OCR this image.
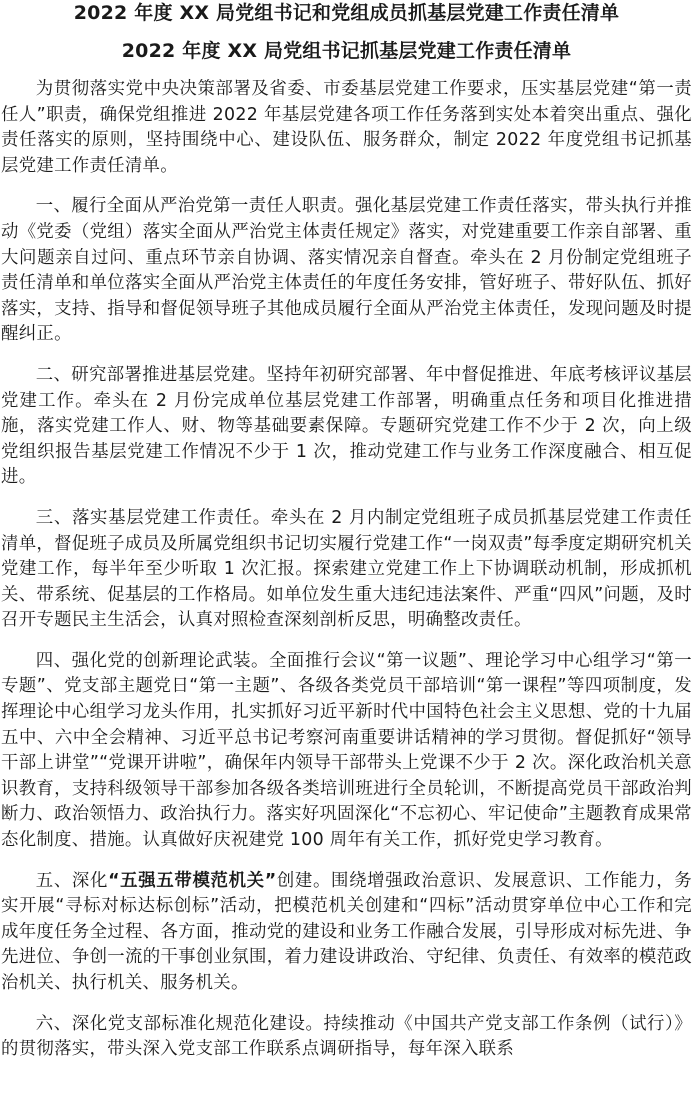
2022 年度 XX 局党组书记和党组成员抓基层党建工作责任清单
2022 年度 XX 局党组书记抓基层党建工作责任清单

为贯彻落实党中央决策部署及省委、市委基层党建工作要求，压实基层党建“第一责任人”职责，确保党组推进 2022 年基层党建各项工作任务落到实处本着突出重点、强化责任落实的原则，坚持围绕中心、建设队伍、服务群众，制定 2022 年度党组书记抓基层党建工作责任清单。

一、履行全面从严治党第一责任人职责。强化基层党建工作责任落实，带头执行并推动《党委（党组）落实全面从严治党主体责任规定》落实，对党建重要工作亲自部署、重大问题亲自过问、重点环节亲自协调、落实情况亲自督查。牵头在 2 月份制定党组班子责任清单和单位落实全面从严治党主体责任的年度任务安排，管好班子、带好队伍、抓好落实，支持、指导和督促领导班子其他成员履行全面从严治党主体责任，发现问题及时提醒纠正。

二、研究部署推进基层党建。坚持年初研究部署、年中督促推进、年底考核评议基层党建工作。牵头在 2 月份完成单位基层党建工作部署，明确重点任务和项目化推进措施，落实党建工作人、财、物等基础要素保障。专题研究党建工作不少于 2 次，向上级党组织报告基层党建工作情况不少于 1 次，推动党建工作与业务工作深度融合、相互促进。

三、落实基层党建工作责任。牵头在 2 月内制定党组班子成员抓基层党建工作责任清单，督促班子成员及所属党组织书记切实履行党建工作“一岗双责”每季度定期研究机关党建工作，每半年至少听取 1 次汇报。探索建立党建工作上下协调联动机制，形成抓机关、带系统、促基层的工作格局。如单位发生重大违纪违法案件、严重“四风”问题，及时召开专题民主生活会，认真对照检查深刻剖析反思，明确整改责任。

四、强化党的创新理论武装。全面推行会议“第一议题”、理论学习中心组学习“第一专题”、党支部主题党日“第一主题”、各级各类党员干部培训“第一课程”等四项制度，发挥理论中心组学习龙头作用，扎实抓好习近平新时代中国特色社会主义思想、党的十九届五中、六中全会精神、习近平总书记考察河南重要讲话精神的学习贯彻。督促抓好“领导干部上讲堂”“党课开讲啦”，确保年内领导干部带头上党课不少于 2 次。深化政治机关意识教育，支持科级领导干部参加各级各类培训班进行全员轮训，不断提高党员干部政治判断力、政治领悟力、政治执行力。落实好巩固深化“不忘初心、牢记使命”主题教育成果常态化制度、措施。认真做好庆祝建党 100 周年有关工作，抓好党史学习教育。

五、深化“五强五带模范机关”创建。围绕增强政治意识、发展意识、工作能力，务实开展“寻标对标达标创标”活动，把模范机关创建和“四标”活动贯穿单位中心工作和完成年度任务全过程、各方面，推动党的建设和业务工作融合发展，引导形成对标先进、争先进位、争创一流的干事创业氛围，着力建设讲政治、守纪律、负责任、有效率的模范政治机关、执行机关、服务机关。

六、深化党支部标准化规范化建设。持续推动《中国共产党支部工作条例（试行）》的贯彻落实，带头深入党支部工作联系点调研指导，每年深入联系
